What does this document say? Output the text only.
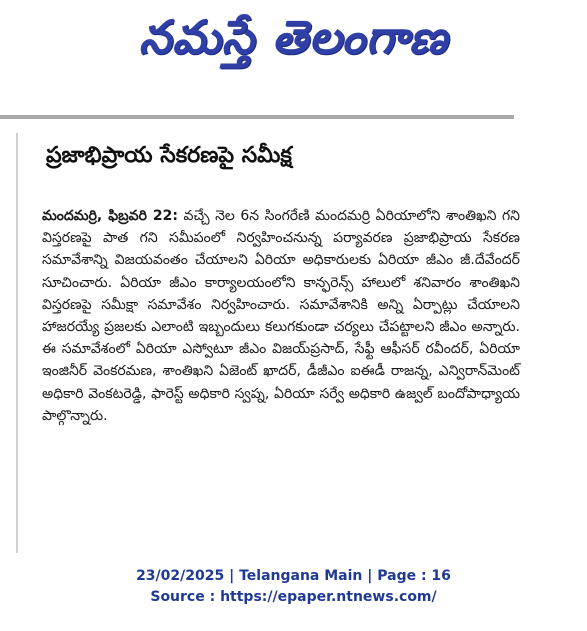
నమస్తే తెలంగాణ
ప్రజాభిప్రాయ సేకరణపై సమీక్ష
మందమర్రి, ఫిబ్రవరి 22: వచ్చే నెల 6న సింగరేణి మందమర్రి ఏరియాలోని శాంతిఖని గని విస్తరణపై పాత గని సమీపంలో నిర్వహించనున్న పర్యావరణ ప్రజాభిప్రాయ సేకరణ సమావేశాన్ని విజయవంతం చేయాలని ఏరియా అధికారులకు ఏరియా జీఎం జీ.దేవేందర్ సూచించారు. ఏరియా జీఎం కార్యాలయంలోని కాన్ఫరెన్స్ హాలులో శనివారం శాంతిఖని విస్తరణపై సమీక్షా సమావేశం నిర్వహించారు. సమావేశానికి అన్ని ఏర్పాట్లు చేయాలని హాజరయ్యే ప్రజలకు ఎలాంటి ఇబ్బందులు కలుగకుండా చర్యలు చేపట్టాలని జీఎం అన్నారు. ఈ సమావేశంలో ఏరియా ఎస్వోటూ జీఎం విజయ్‌ప్రసాద్, సేఫ్టీ ఆఫీసర్ రవీందర్, ఏరియా ఇంజినీర్ వెంకరమణ, శాంతిఖని ఏజెంట్ ఖాదర్, డీజీఎం ఐఈడీ రాజన్న, ఎన్విరాన్‌మెంట్ అధికారి వెంకటరెడ్డి, ఫారెస్ట్ అధికారి స్వప్న, ఏరియా సర్వే అధికారి ఉజ్వల్ బందోపాధ్యాయ పాల్గొన్నారు.
23/02/2025 | Telangana Main | Page : 16
Source : https://epaper.ntnews.com/
